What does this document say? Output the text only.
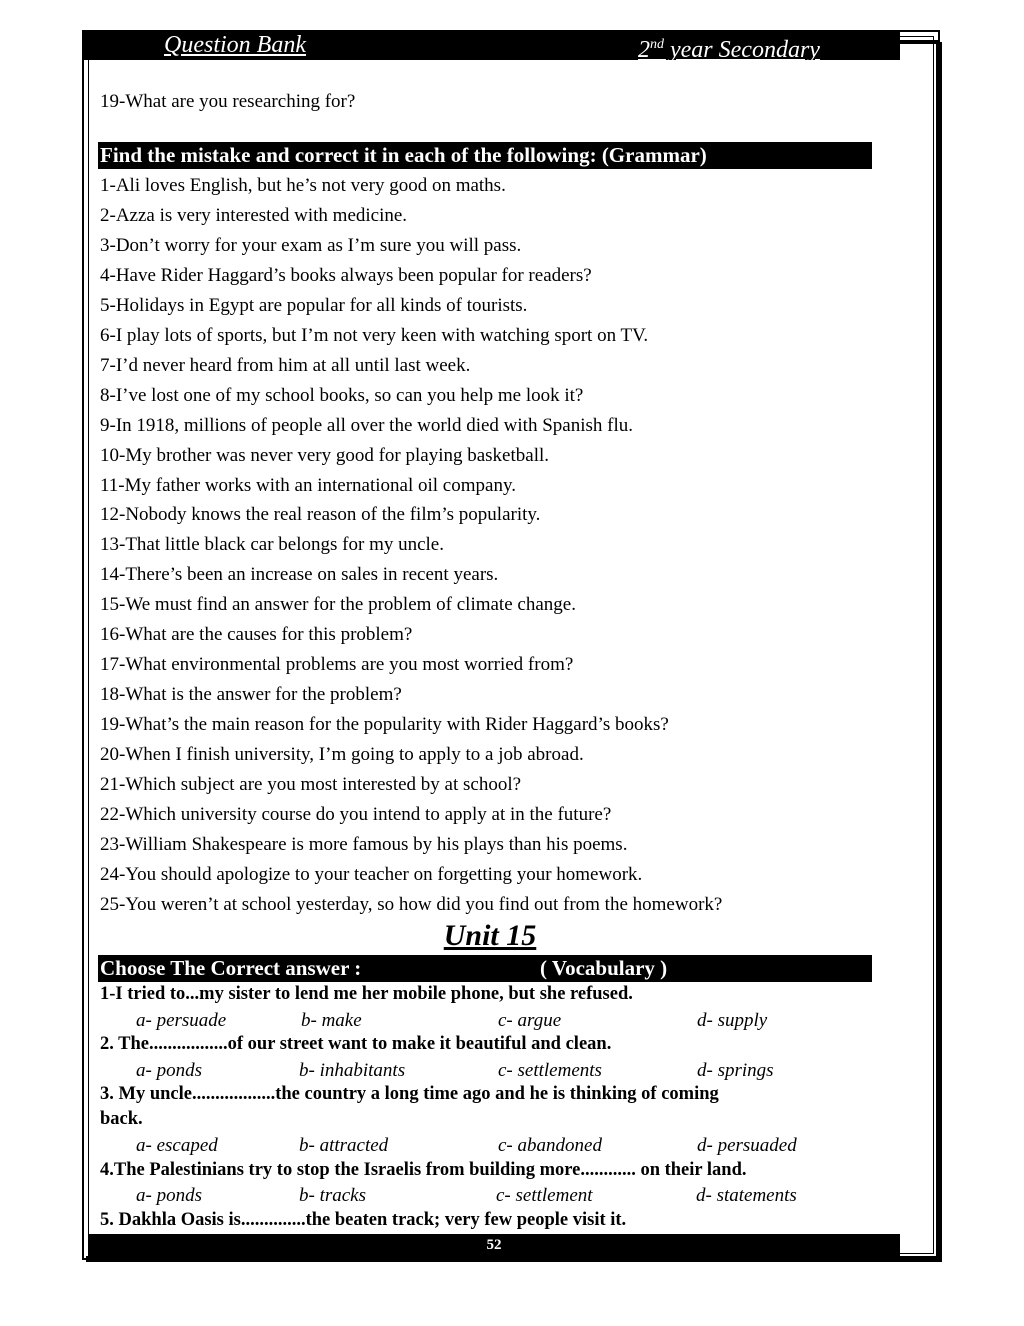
Question Bank	2nd year Secondary
19-What are you researching for?
Find the mistake and correct it in each of the following: (Grammar)
1-Ali loves English, but he’s not very good on maths.
2-Azza is very interested with medicine.
3-Don’t worry for your exam as I’m sure you will pass.
4-Have Rider Haggard’s books always been popular for readers?
5-Holidays in Egypt are popular for all kinds of tourists.
6-I play lots of sports, but I’m not very keen with watching sport on TV.
7-I’d never heard from him at all until last week.
8-I’ve lost one of my school books, so can you help me look it?
9-In 1918, millions of people all over the world died with Spanish flu.
10-My brother was never very good for playing basketball.
11-My father works with an international oil company.
12-Nobody knows the real reason of the film’s popularity.
13-That little black car belongs for my uncle.
14-There’s been an increase on sales in recent years.
15-We must find an answer for the problem of climate change.
16-What are the causes for this problem?
17-What environmental problems are you most worried from?
18-What is the answer for the problem?
19-What’s the main reason for the popularity with Rider Haggard’s books?
20-When I finish university, I’m going to apply to a job abroad.
21-Which subject are you most interested by at school?
22-Which university course do you intend to apply at in the future?
23-William Shakespeare is more famous by his plays than his poems.
24-You should apologize to your teacher on forgetting your homework.
25-You weren’t at school yesterday, so how did you find out from the homework?
Unit 15
Choose The Correct answer :	( Vocabulary )
1-I tried to...my sister to lend me her mobile phone, but she refused.
a- persuade	b- make	c- argue	d- supply
2. The.................of our street want to make it beautiful and clean.
a- ponds	b- inhabitants	c- settlements	d- springs
3. My uncle..................the country a long time ago and he is thinking of coming
back.
a- escaped	b- attracted	c- abandoned	d- persuaded
4.The Palestinians try to stop the Israelis from building more............ on their land.
a- ponds	b- tracks	c- settlement	d- statements
5. Dakhla Oasis is..............the beaten track; very few people visit it.
52
